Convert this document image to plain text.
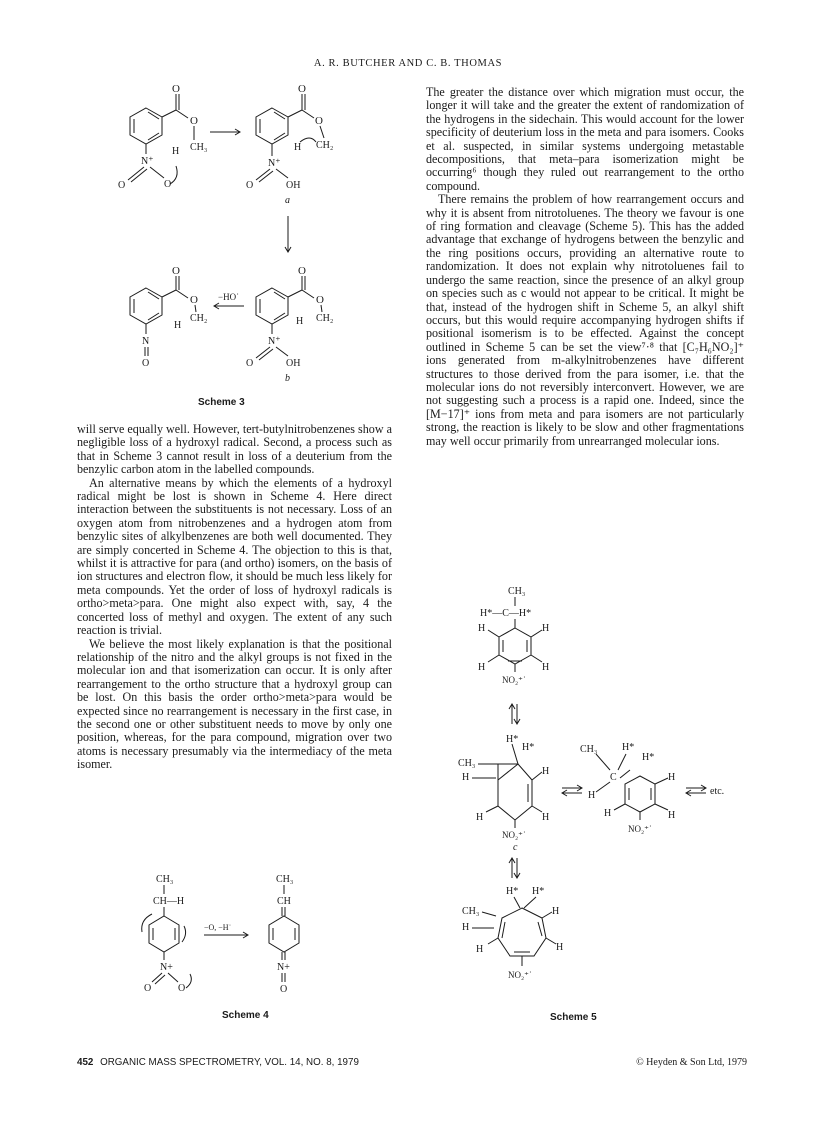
A. R. BUTCHER AND C. B. THOMAS
O
O
CH₃
H
N⁺
O	O
O
O
CH₂
H
N⁺
O	OH
a
O
O
CH₂
H
N
O
−HO˙
O
O
CH₂
H
N⁺
O	OH
b
Scheme 3

will serve equally well. However, tert-butylnitrobenzenes show a negligible loss of a hydroxyl radical. Second, a process such as that in Scheme 3 cannot result in loss of a deuterium from the benzylic carbon atom in the labelled compounds.

An alternative means by which the elements of a hydroxyl radical might be lost is shown in Scheme 4. Here direct interaction between the substituents is not necessary. Loss of an oxygen atom from nitrobenzenes and a hydrogen atom from benzylic sites of alkylbenzenes are both well documented. They are simply concerted in Scheme 4. The objection to this is that, whilst it is attractive for para (and ortho) isomers, on the basis of ion structures and electron flow, it should be much less likely for meta compounds. Yet the order of loss of hydroxyl radicals is ortho>meta>para. One might also expect with, say, 4 the concerted loss of methyl and oxygen. The extent of any such reaction is trivial.

We believe the most likely explanation is that the positional relationship of the nitro and the alkyl groups is not fixed in the molecular ion and that isomerization can occur. It is only after rearrangement to the ortho structure that a hydroxyl group can be lost. On this basis the order ortho>meta>para would be expected since no rearrangement is necessary in the first case, in the second one or other substituent needs to move by only one position, whereas, for the para compound, migration over two atoms is necessary presumably via the intermediacy of the meta isomer.

CH₃
CH—H
N+
O	O
−O, −H˙
CH₃
CH
N+
O
Scheme 4

The greater the distance over which migration must occur, the longer it will take and the greater the extent of randomization of the hydrogens in the sidechain. This would account for the lower specificity of deuterium loss in the meta and para isomers. Cooks et al. suspected, in similar systems undergoing metastable decompositions, that meta–para isomerization might be occurring⁶ though they ruled out rearrangement to the ortho compound.

There remains the problem of how rearrangement occurs and why it is absent from nitrotoluenes. The theory we favour is one of ring formation and cleavage (Scheme 5). This has the added advantage that exchange of hydrogens between the benzylic and the ring positions occurs, providing an alternative route to randomization. It does not explain why nitrotoluenes fail to undergo the same reaction, since the presence of an alkyl group on species such as c would not appear to be critical. It might be that, instead of the hydrogen shift in Scheme 5, an alkyl shift occurs, but this would require accompanying hydrogen shifts if positional isomerism is to be effected. Against the concept outlined in Scheme 5 can be set the view⁷·⁸ that [C₇H₆NO₂]⁺ ions generated from m-alkylnitrobenzenes have different structures to those derived from the para isomer, i.e. that the molecular ions do not reversibly interconvert. However, we are not suggesting such a process is a rapid one. Indeed, since the [M−17]⁺ ions from meta and para isomers are not particularly strong, the reaction is likely to be slow and other fragmentations may well occur primarily from unrearranged molecular ions.

CH₃
H*—C—H*
H	H
H	H
NO₂⁺˙
H*
H*
CH₃
H
H
H
H
NO₂⁺˙
c
CH₃ H*
H*
C
H
H
H
H
NO₂⁺˙
etc.
H* H*
CH₃
H
H
H
H
NO₂⁺˙
Scheme 5
452 ORGANIC MASS SPECTROMETRY, VOL. 14, NO. 8, 1979	© Heyden & Son Ltd, 1979
